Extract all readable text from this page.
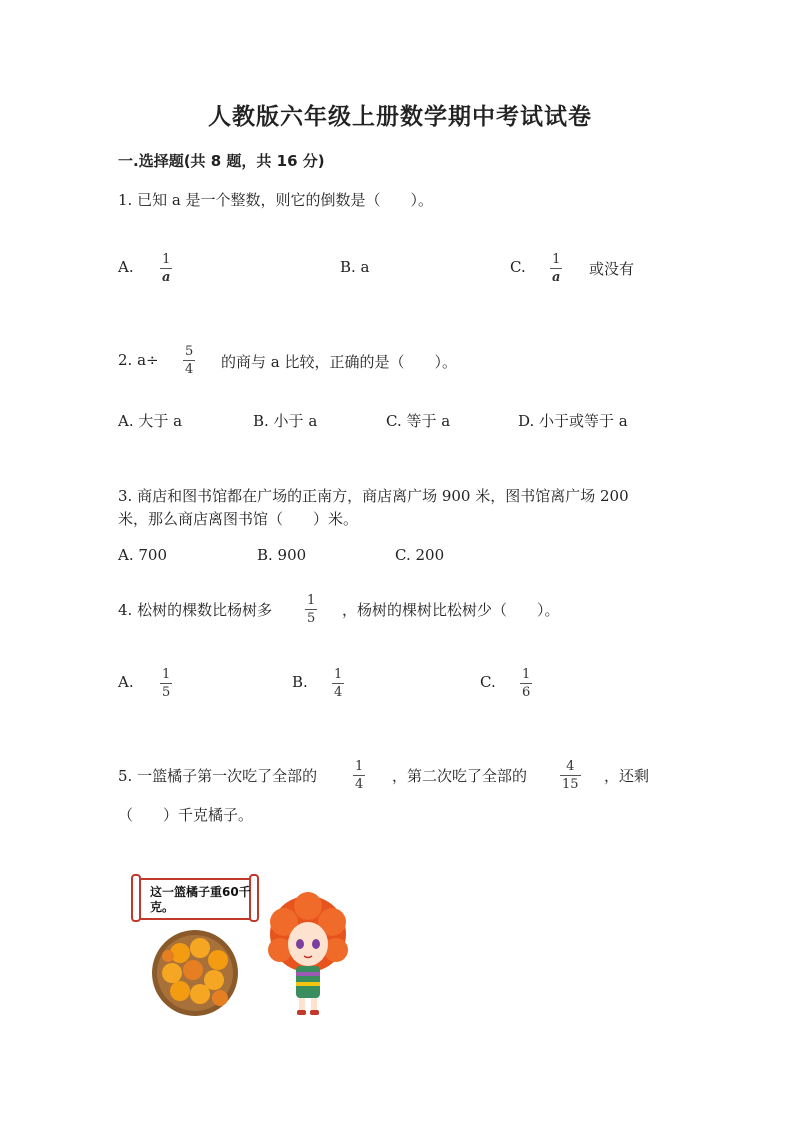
人教版六年级上册数学期中考试试卷
一.选择题(共 8 题，共 16 分)
1. 已知 a 是一个整数，则它的倒数是（　　）。
A. 1
a
B. a	C. 1
a 或没有
2. a÷ 5
4 的商与 a 比较，正确的是（　　）。
A. 大于 a	B. 小于 a	C. 等于 a	D. 小于或等于 a
3. 商店和图书馆都在广场的正南方，商店离广场 900 米，图书馆离广场 200
米，那么商店离图书馆（　　）米。
A. 700	B. 900	C. 200
4. 松树的棵数比杨树多
1
5 ，杨树的棵树比松树少（　　）。
A. 1
5
B. 1
4
C. 1
6
5. 一篮橘子第一次吃了全部的
1
4 ，第二次吃了全部的
4
15 ，还剩
（　　）千克橘子。
这一篮橘子重60千克。
